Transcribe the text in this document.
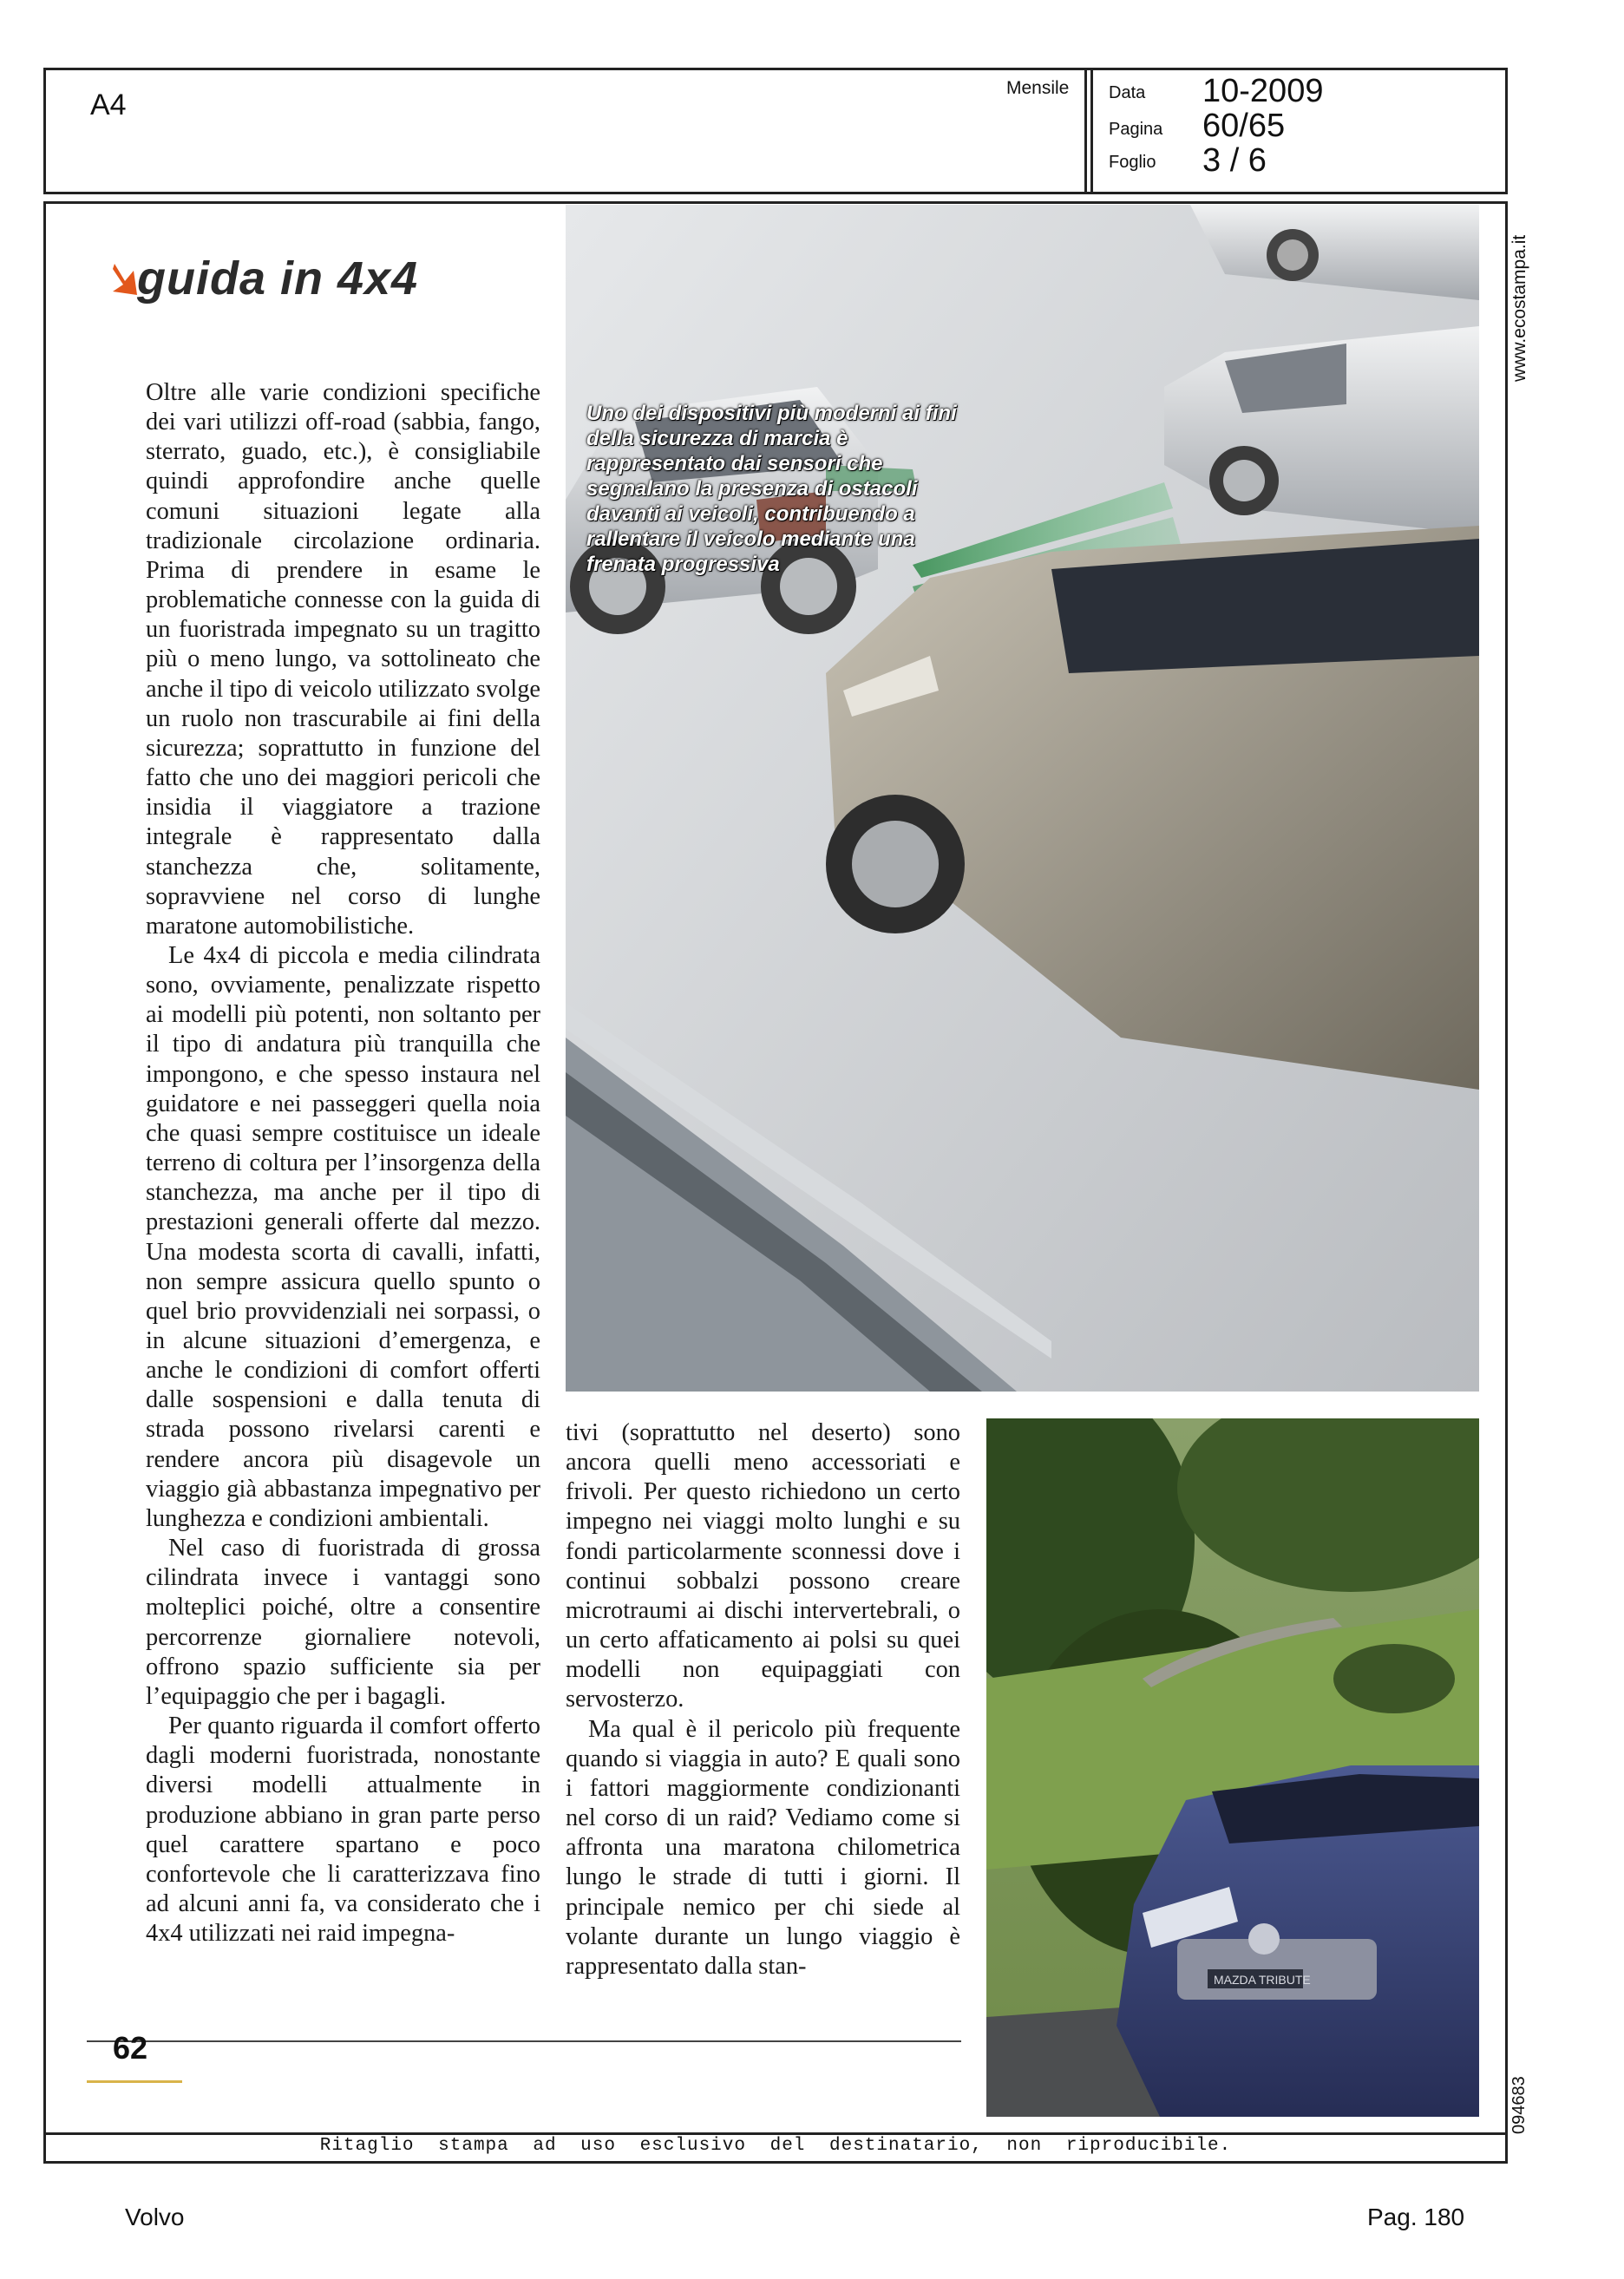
A4
Mensile Data 10-2009
Pagina 60/65
Foglio 3 / 6
www.ecostampa.it
guida in 4x4

Oltre alle varie condizioni specifiche dei vari utilizzi off-road (sabbia, fango, sterrato, guado, etc.), è consigliabile quindi approfondire anche quelle comuni situazioni legate alla tradizionale circolazione ordinaria. Prima di prendere in esame le problematiche connesse con la guida di un fuoristrada impegnato su un tragitto più o meno lungo, va sottolineato che anche il tipo di veicolo utilizzato svolge un ruolo non trascurabile ai fini della sicurezza; soprattutto in funzione del fatto che uno dei maggiori pericoli che insidia il viaggiatore a trazione integrale è rappresentato dalla stanchezza che, solitamente, sopravviene nel corso di lunghe maratone automobilistiche.

Le 4x4 di piccola e media cilindrata sono, ovviamente, penalizzate rispetto ai modelli più potenti, non soltanto per il tipo di andatura più tranquilla che impongono, e che spesso instaura nel guidatore e nei passeggeri quella noia che quasi sempre costituisce un ideale terreno di coltura per l’insorgenza della stanchezza, ma anche per il tipo di prestazioni generali offerte dal mezzo. Una modesta scorta di cavalli, infatti, non sempre assicura quello spunto o quel brio provvidenziali nei sorpassi, o in alcune situazioni d’emergenza, e anche le condizioni di comfort offerti dalle sospensioni e dalla tenuta di strada possono rivelarsi carenti e rendere ancora più disagevole un viaggio già abbastanza impegnativo per lunghezza e condizioni ambientali.

Nel caso di fuoristrada di grossa cilindrata invece i vantaggi sono molteplici poiché, oltre a consentire percorrenze giornaliere notevoli, offrono spazio sufficiente sia per l’equipaggio che per i bagagli.

Per quanto riguarda il comfort offerto dagli moderni fuoristrada, nonostante diversi modelli attualmente in produzione abbiano in gran parte perso quel carattere spartano e poco confortevole che li caratterizzava fino ad alcuni anni fa, va considerato che i 4x4 utilizzati nei raid impegna-

Uno dei dispositivi più moderni ai fini della sicurezza di marcia è rappresentato dai sensori che segnalano la presenza di ostacoli davanti ai veicoli, contribuendo a rallentare il veicolo mediante una frenata progressiva

tivi (soprattutto nel deserto) sono ancora quelli meno accessoriati e frivoli. Per questo richiedono un certo impegno nei viaggi molto lunghi e su fondi particolarmente sconnessi dove i continui sobbalzi possono creare microtraumi ai dischi intervertebrali, o un certo affaticamento ai polsi su quei modelli non equipaggiati con servosterzo.

Ma qual è il pericolo più frequente quando si viaggia in auto? E quali sono i fattori maggiormente condizionanti nel corso di un raid? Vediamo come si affronta una maratona chilometrica lungo le strade di tutti i giorni. Il principale nemico per chi siede al volante durante un lungo viaggio è rappresentato dalla stan-

MAZDA TRIBUTE
62
094683
Ritaglio stampa ad uso esclusivo del destinatario, non riproducibile.
Volvo	Pag. 180
